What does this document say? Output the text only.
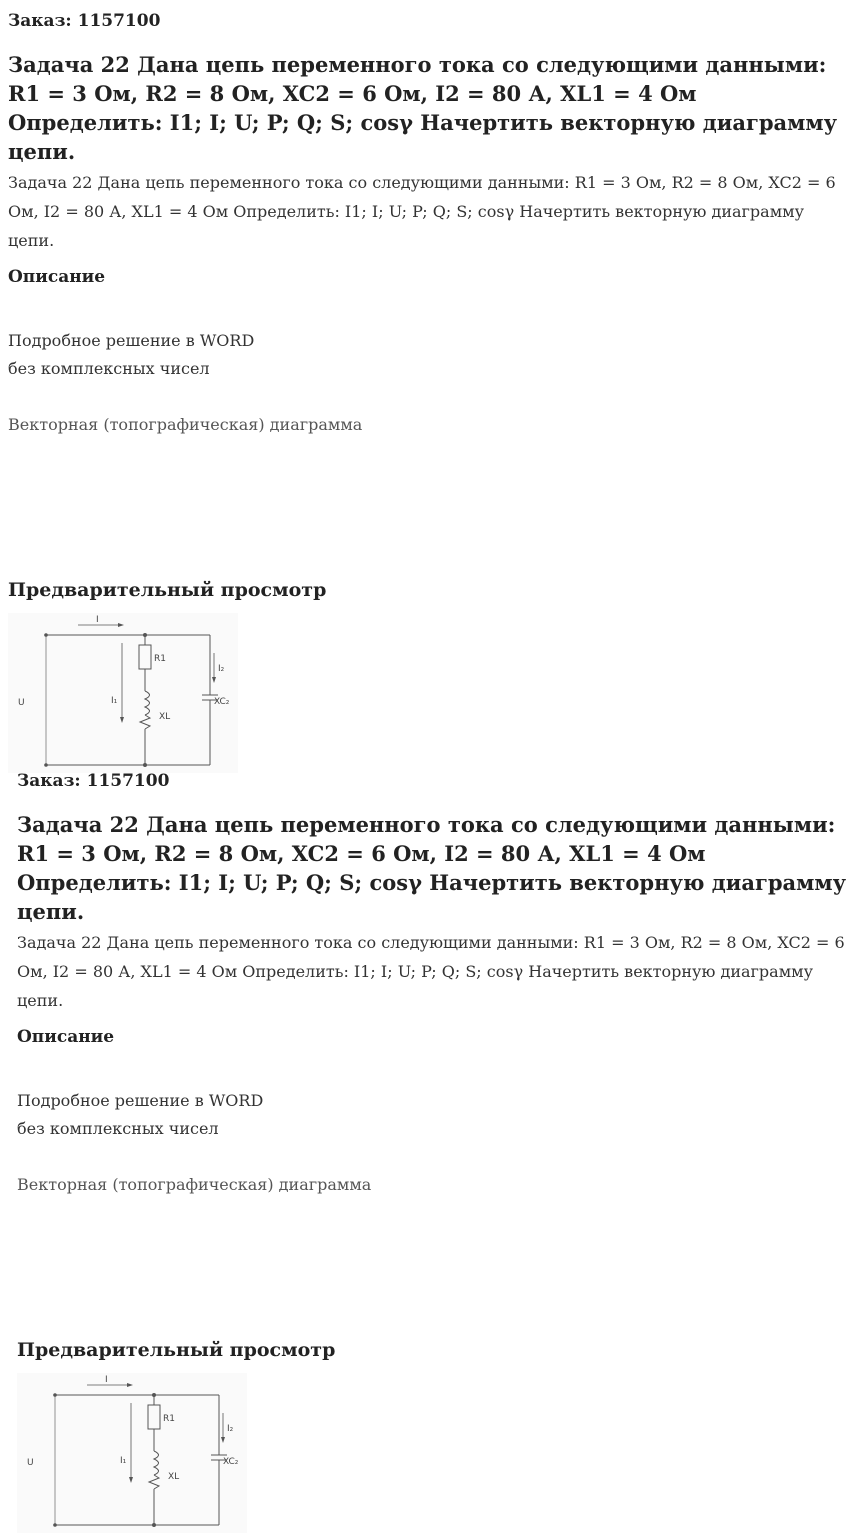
Заказ: 1157100
Задача 22 Дана цепь переменного тока со следующими данными: R1 = 3 Ом, R2 = 8 Ом, XC2 = 6 Ом, I2 = 80 А, XL1 = 4 Ом Определить: I1; I; U; P; Q; S; cosγ Начертить векторную диаграмму цепи.

Задача 22 Дана цепь переменного тока со следующими данными: R1 = 3 Ом, R2 = 8 Ом, XC2 = 6 Ом, I2 = 80 А, XL1 = 4 Ом Определить: I1; I; U; P; Q; S; cosγ Начертить векторную диаграмму цепи.

Описание

Подробное решение в WORD

без комплексных чисел

Векторная (топографическая) диаграмма
Предварительный просмотр
I
U
R1
XL
I₁	XC₂
I₂
Заказ: 1157100
Задача 22 Дана цепь переменного тока со следующими данными: R1 = 3 Ом, R2 = 8 Ом, XC2 = 6 Ом, I2 = 80 А, XL1 = 4 Ом Определить: I1; I; U; P; Q; S; cosγ Начертить векторную диаграмму цепи.

Задача 22 Дана цепь переменного тока со следующими данными: R1 = 3 Ом, R2 = 8 Ом, XC2 = 6 Ом, I2 = 80 А, XL1 = 4 Ом Определить: I1; I; U; P; Q; S; cosγ Начертить векторную диаграмму цепи.

Описание

Подробное решение в WORD

без комплексных чисел

Векторная (топографическая) диаграмма
Предварительный просмотр
I
U
R1
XL
I₁	XC₂
I₂
